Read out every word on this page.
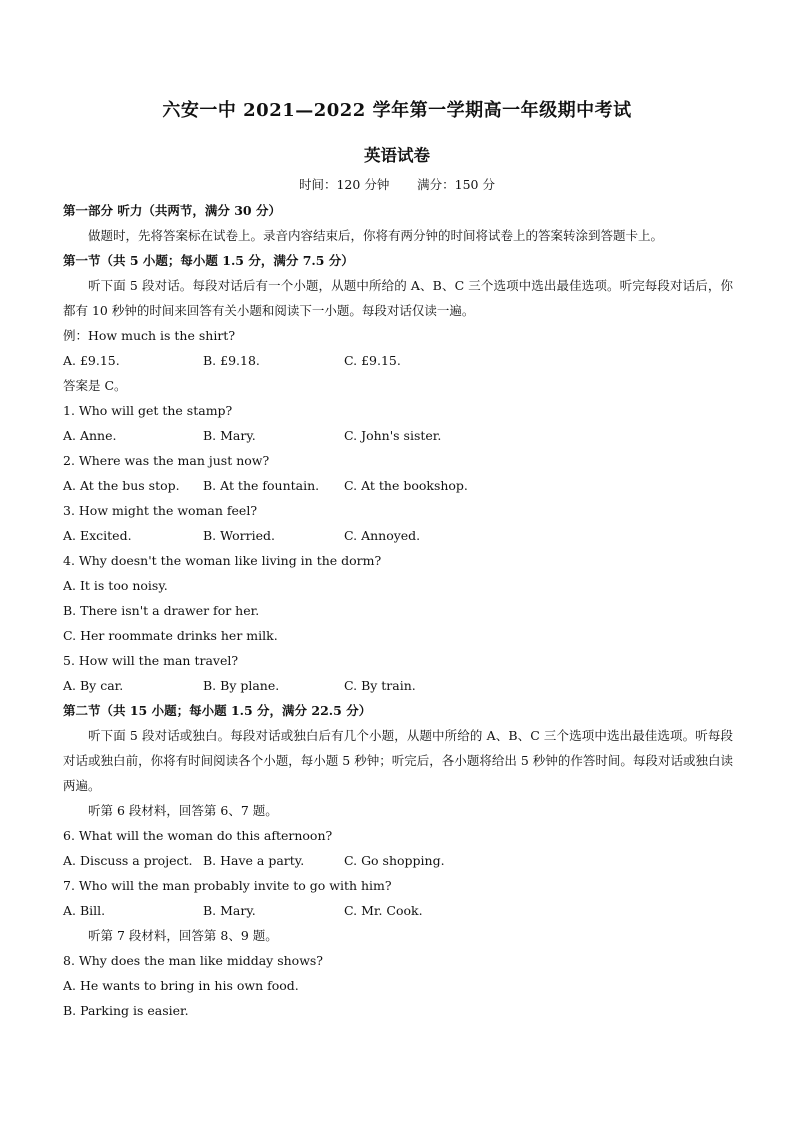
六安一中 2021—2022 学年第一学期高一年级期中考试
英语试卷
时间：120 分钟 满分：150 分
第一部分 听力（共两节，满分 30 分）
做题时，先将答案标在试卷上。录音内容结束后，你将有两分钟的时间将试卷上的答案转涂到答题卡上。
第一节（共 5 小题；每小题 1.5 分，满分 7.5 分）
听下面 5 段对话。每段对话后有一个小题，从题中所给的 A、B、C 三个选项中选出最佳选项。听完每段对话后，你都有 10 秒钟的时间来回答有关小题和阅读下一小题。每段对话仅读一遍。
例：How much is the shirt?
A. £9.15.	B. £9.18.	C. £9.15.
答案是 C。
1. Who will get the stamp?
A. Anne.	B. Mary.	C. John's sister.
2. Where was the man just now?
A. At the bus stop.	B. At the fountain.	C. At the bookshop.
3. How might the woman feel?
A. Excited.	B. Worried.	C. Annoyed.
4. Why doesn't the woman like living in the dorm?
A. It is too noisy.
B. There isn't a drawer for her.
C. Her roommate drinks her milk.
5. How will the man travel?
A. By car.	B. By plane.	C. By train.
第二节（共 15 小题；每小题 1.5 分，满分 22.5 分）
听下面 5 段对话或独白。每段对话或独白后有几个小题，从题中所给的 A、B、C 三个选项中选出最佳选项。听每段对话或独白前，你将有时间阅读各个小题，每小题 5 秒钟；听完后，各小题将给出 5 秒钟的作答时间。每段对话或独白读两遍。
听第 6 段材料，回答第 6、7 题。
6. What will the woman do this afternoon?
A. Discuss a project. B. Have a party.	C. Go shopping.
7. Who will the man probably invite to go with him?
A. Bill.	B. Mary.	C. Mr. Cook.
听第 7 段材料，回答第 8、9 题。
8. Why does the man like midday shows?
A. He wants to bring in his own food.
B. Parking is easier.
